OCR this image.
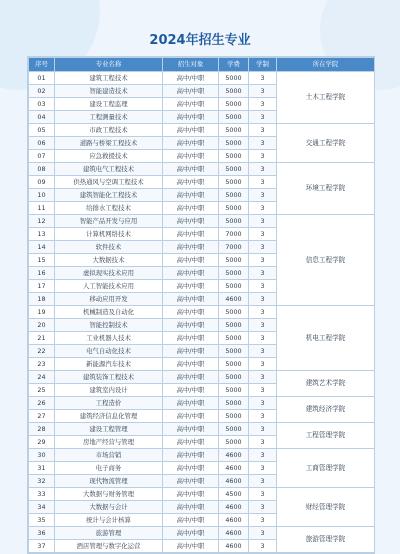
2024年招生专业
序号	专业名称	招生对象	学费	学制	所在学院
01	建筑工程技术	高中/中职	5000	3	土木工程学院
02	智能建造技术	高中/中职	5000	3	
03	建设工程监理	高中/中职	5000	3	
04	工程测量技术	高中/中职	5000	3	
05	市政工程技术	高中/中职	5000	3	交通工程学院
06	道路与桥梁工程技术	高中/中职	5000	3	
07	应急救援技术	高中/中职	5000	3	
08	建筑电气工程技术	高中/中职	5000	3	环境工程学院
09	供热通风与空调工程技术	高中/中职	5000	3	
10	建筑智能化工程技术	高中/中职	5000	3	
11	给排水工程技术	高中/中职	5000	3	
12	智能产品开发与应用	高中/中职	5000	3	信息工程学院
13	计算机网络技术	高中/中职	7000	3	
14	软件技术	高中/中职	7000	3	
15	大数据技术	高中/中职	5000	3	
16	虚拟现实技术应用	高中/中职	5000	3	
17	人工智能技术应用	高中/中职	5000	3	
18	移动应用开发	高中/中职	4600	3	
19	机械制造及自动化	高中/中职	5000	3	机电工程学院
20	智能控制技术	高中/中职	5000	3	
21	工业机器人技术	高中/中职	5000	3	
22	电气自动化技术	高中/中职	5000	3	
23	新能源汽车技术	高中/中职	5000	3	
24	建筑装饰工程技术	高中/中职	5000	3	建筑艺术学院
25	建筑室内设计	高中/中职	5000	3	
26	工程造价	高中/中职	5000	3	建筑经济学院
27	建筑经济信息化管理	高中/中职	5000	3	
28	建设工程管理	高中/中职	5000	3	工程管理学院
29	房地产经营与管理	高中/中职	5000	3	
30	市场营销	高中/中职	4600	3	工商管理学院
31	电子商务	高中/中职	4600	3	
32	现代物流管理	高中/中职	4600	3	
33	大数据与财务管理	高中/中职	4500	3	财经管理学院
34	大数据与会计	高中/中职	4600	3	
35	统计与会计核算	高中/中职	4600	3	
36	旅游管理	高中/中职	4600	3	旅游管理学院
37	酒店管理与数字化运营	高中/中职	4600	3	
